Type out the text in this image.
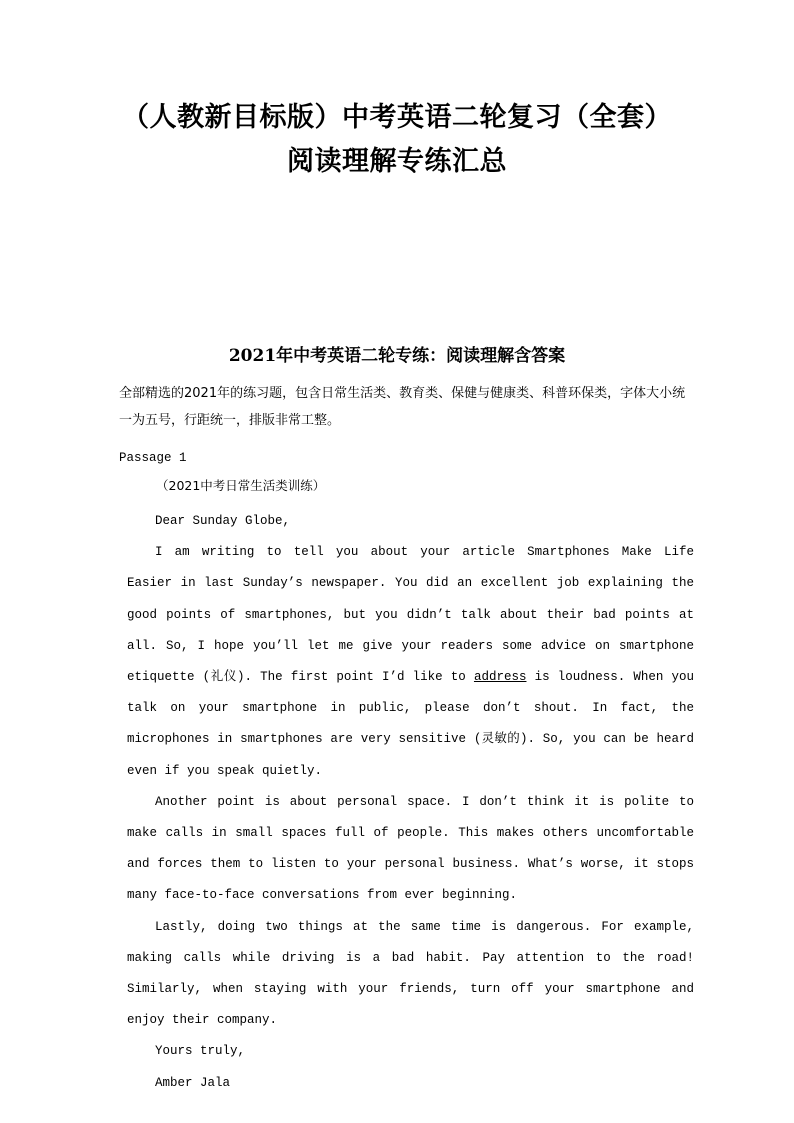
（人教新目标版）中考英语二轮复习（全套）阅读理解专练汇总
2021年中考英语二轮专练：阅读理解含答案
全部精选的2021年的练习题，包含日常生活类、教育类、保健与健康类、科普环保类，字体大小统一为五号，行距统一，排版非常工整。
Passage 1
（2021中考日常生活类训练）

Dear Sunday Globe,

I am writing to tell you about your article Smartphones Make Life Easier in last Sunday’s newspaper. You did an excellent job explaining the good points of smartphones, but you didn’t talk about their bad points at all. So, I hope you’ll let me give your readers some advice on smartphone etiquette (礼仪). The first point I’d like to address is loudness. When you talk on your smartphone in public, please don’t shout. In fact, the microphones in smartphones are very sensitive (灵敏的). So, you can be heard even if you speak quietly.

Another point is about personal space. I don’t think it is polite to make calls in small spaces full of people. This makes others uncomfortable and forces them to listen to your personal business. What’s worse, it stops many face-to-face conversations from ever beginning.

Lastly, doing two things at the same time is dangerous. For example, making calls while driving is a bad habit. Pay attention to the road! Similarly, when staying with your friends, turn off your smartphone and enjoy their company.

Yours truly,

Amber Jala
